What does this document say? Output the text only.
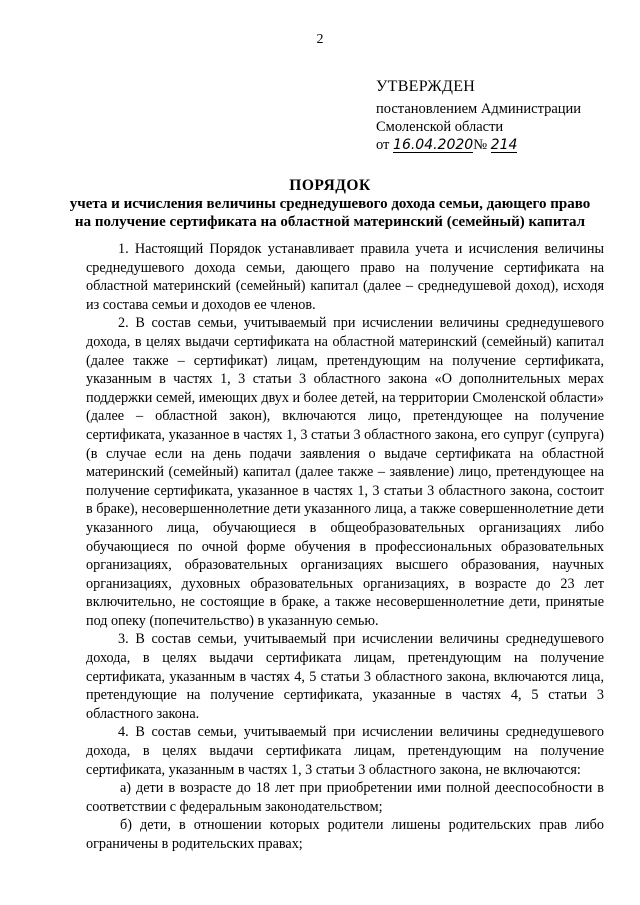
2
УТВЕРЖДЕН
постановлением Администрации
Смоленской области
от 16.04.2020№ 214
ПОРЯДОК
учета и исчисления величины среднедушевого дохода семьи, дающего право на получение сертификата на областной материнский (семейный) капитал

1. Настоящий Порядок устанавливает правила учета и исчисления величины среднедушевого дохода семьи, дающего право на получение сертификата на областной материнский (семейный) капитал (далее – среднедушевой доход), исходя из состава семьи и доходов ее членов.

2. В состав семьи, учитываемый при исчислении величины среднедушевого дохода, в целях выдачи сертификата на областной материнский (семейный) капитал (далее также – сертификат) лицам, претендующим на получение сертификата, указанным в частях 1, 3 статьи 3 областного закона «О дополнительных мерах поддержки семей, имеющих двух и более детей, на территории Смоленской области» (далее – областной закон), включаются лицо, претендующее на получение сертификата, указанное в частях 1, 3 статьи 3 областного закона, его супруг (супруга) (в случае если на день подачи заявления о выдаче сертификата на областной материнский (семейный) капитал (далее также – заявление) лицо, претендующее на получение сертификата, указанное в частях 1, 3 статьи 3 областного закона, состоит в браке), несовершеннолетние дети указанного лица, а также совершеннолетние дети указанного лица, обучающиеся в общеобразовательных организациях либо обучающиеся по очной форме обучения в профессиональных образовательных организациях, образовательных организациях высшего образования, научных организациях, духовных образовательных организациях, в возрасте до 23 лет включительно, не состоящие в браке, а также несовершеннолетние дети, принятые под опеку (попечительство) в указанную семью.

3. В состав семьи, учитываемый при исчислении величины среднедушевого дохода, в целях выдачи сертификата лицам, претендующим на получение сертификата, указанным в частях 4, 5 статьи 3 областного закона, включаются лица, претендующие на получение сертификата, указанные в частях 4, 5 статьи 3 областного закона.

4. В состав семьи, учитываемый при исчислении величины среднедушевого дохода, в целях выдачи сертификата лицам, претендующим на получение сертификата, указанным в частях 1, 3 статьи 3 областного закона, не включаются:

а) дети в возрасте до 18 лет при приобретении ими полной дееспособности в соответствии с федеральным законодательством;

б) дети, в отношении которых родители лишены родительских прав либо ограничены в родительских правах;
